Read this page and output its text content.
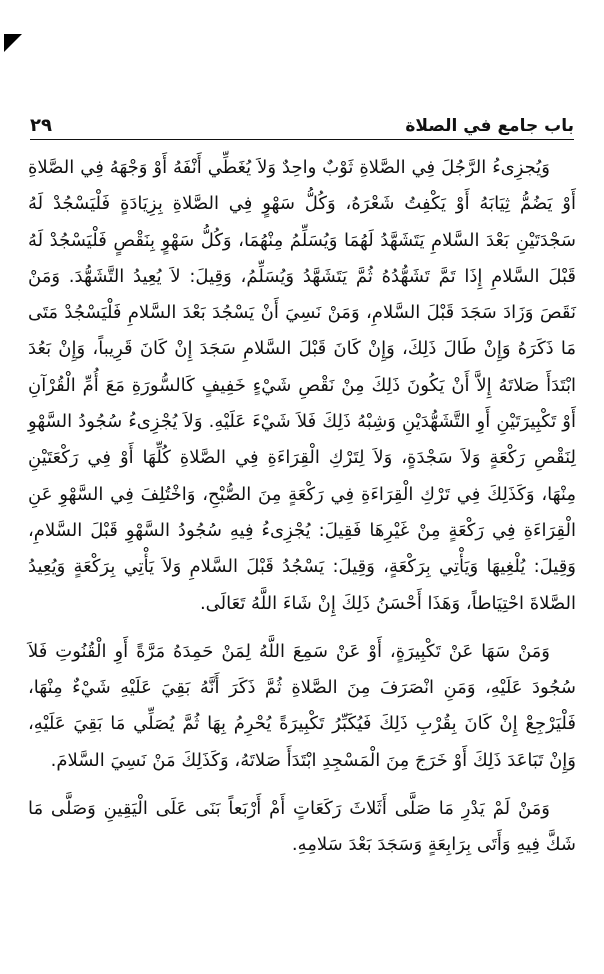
٢٩	باب جامع في الصلاة

وَيُجزِىءُ الرَّجُلَ فِي الصَّلاةِ ثَوْبٌ واحِدٌ وَلاَ يُغَطِّي أَنْفَهُ أَوْ وَجْهَهُ فِي الصَّلاةِ أَوْ يَضُمُّ ثِيَابَهُ أَوْ يَكْفِتُ شَعْرَهُ، وَكُلُّ سَهْوٍ فِي الصَّلاةِ بِزِيَادَةٍ فَلْيَسْجُدْ لَهُ سَجْدَتَيْنِ بَعْدَ السَّلامِ يَتَشَهَّدُ لَهُمَا وَيُسَلِّمُ مِنْهُمَا، وَكُلُّ سَهْوٍ بِنَقْصٍ فَلْيَسْجُدْ لَهُ قَبْلَ السَّلامِ إِذَا تَمَّ تَشَهُّدُهُ ثُمَّ يَتَشَهَّدُ وَيُسَلِّمُ، وَقِيلَ: لاَ يُعِيدُ التَّشَهُّدَ. وَمَنْ نَقَصَ وَزَادَ سَجَدَ قَبْلَ السَّلامِ، وَمَنْ نَسِيَ أَنْ يَسْجُدَ بَعْدَ السَّلامِ فَلْيَسْجُدْ مَتَى مَا ذَكَرَهُ وَإِنْ طَالَ ذَلِكَ، وَإِنْ كَانَ قَبْلَ السَّلامِ سَجَدَ إِنْ كَانَ قَرِيباً، وَإِنْ بَعُدَ ابْتَدَأَ صَلاتَهُ إِلاَّ أَنْ يَكُونَ ذَلِكَ مِنْ نَقْصِ شَيْءٍ خَفِيفٍ كَالسُّورَةِ مَعَ أُمِّ الْقُرْآنِ أَوْ تَكْبِيرَتَيْنِ أَوِ التَّشَهُّدَيْنِ وَشِبْهُ ذَلِكَ فَلاَ شَيْءَ عَلَيْهِ. وَلاَ يُجْزِىءُ سُجُودُ السَّهْوِ لِنَقْصِ رَكْعَةٍ وَلاَ سَجْدَةٍ، وَلاَ لِتَرْكِ الْقِرَاءَةِ فِي الصَّلاةِ كُلِّهَا أَوْ فِي رَكْعَتَيْنِ مِنْهَا، وَكَذَلِكَ فِي تَرْكِ الْقِرَاءَةِ فِي رَكْعَةٍ مِنَ الصُّبْحِ، وَاخْتُلِفَ فِي السَّهْوِ عَنِ الْقِرَاءَةِ فِي رَكْعَةٍ مِنْ غَيْرِهَا فَقِيلَ: يُجْزِىءُ فِيهِ سُجُودُ السَّهْوِ قَبْلَ السَّلامِ، وَقِيلَ: يُلْغِيهَا وَيَأْتِي بِرَكْعَةٍ، وَقِيلَ: يَسْجُدُ قَبْلَ السَّلامِ وَلاَ يَأْتِي بِرَكْعَةٍ وَيُعِيدُ الصَّلاةَ احْتِيَاطاً، وَهَذَا أَحْسَنُ ذَلِكَ إِنْ شَاءَ اللَّهُ تَعَالَى.

وَمَنْ سَهَا عَنْ تَكْبِيرَةٍ، أَوْ عَنْ سَمِعَ اللَّهُ لِمَنْ حَمِدَهُ مَرَّةً أَوِ الْقُنُوتِ فَلاَ سُجُودَ عَلَيْهِ، وَمَنِ انْصَرَفَ مِنَ الصَّلاةِ ثُمَّ ذَكَرَ أَنَّهُ بَقِيَ عَلَيْهِ شَيْءٌ مِنْهَا، فَلْيَرْجِعْ إِنْ كَانَ بِقُرْبِ ذَلِكَ فَيُكَبِّرُ تَكْبِيرَةً يُحْرِمُ بِهَا ثُمَّ يُصَلِّي مَا بَقِيَ عَلَيْهِ، وَإِنْ تَبَاعَدَ ذَلِكَ أَوْ خَرَجَ مِنَ الْمَسْجِدِ ابْتَدَأَ صَلاتَهُ، وَكَذَلِكَ مَنْ نَسِيَ السَّلامَ.

وَمَنْ لَمْ يَدْرِ مَا صَلَّى أَثَلاثَ رَكَعَاتٍ أَمْ أَرْبَعاً بَنَى عَلَى الْيَقِينِ وَصَلَّى مَا شَكَّ فِيهِ وَأَتَى بِرَابِعَةٍ وَسَجَدَ بَعْدَ سَلامِهِ.
